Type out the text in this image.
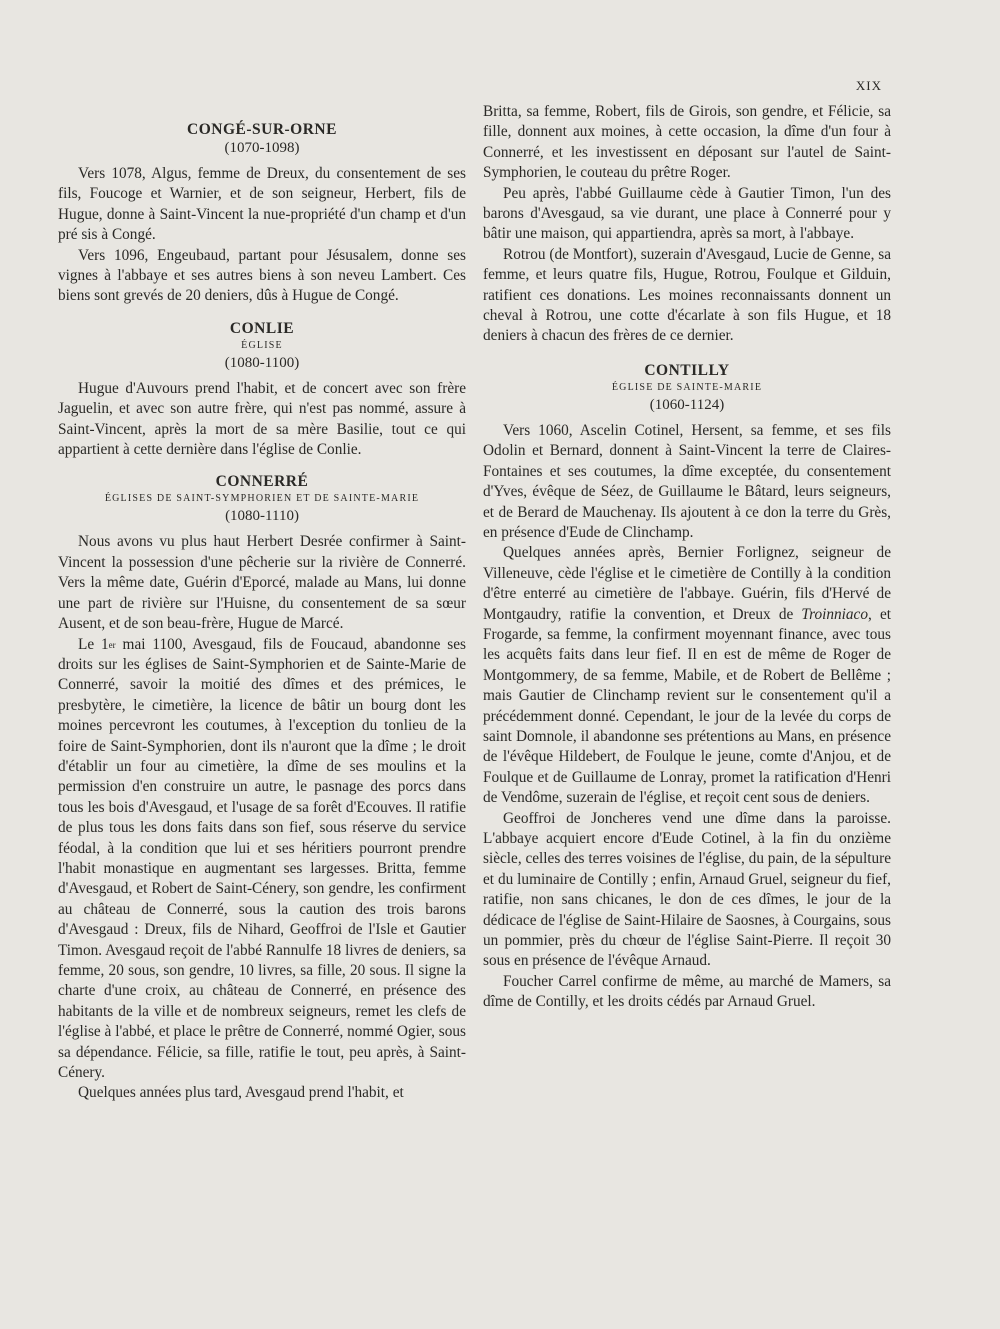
XIX
CONGÉ-SUR-ORNE
(1070-1098)

Vers 1078, Algus, femme de Dreux, du consentement de ses fils, Foucoge et Warnier, et de son seigneur, Herbert, fils de Hugue, donne à Saint-Vincent la nue-propriété d'un champ et d'un pré sis à Congé.

Vers 1096, Engeubaud, partant pour Jésusalem, donne ses vignes à l'abbaye et ses autres biens à son neveu Lambert. Ces biens sont grevés de 20 deniers, dûs à Hugue de Congé.

CONLIE
ÉGLISE
(1080-1100)

Hugue d'Auvours prend l'habit, et de concert avec son frère Jaguelin, et avec son autre frère, qui n'est pas nommé, assure à Saint-Vincent, après la mort de sa mère Basilie, tout ce qui appartient à cette dernière dans l'église de Conlie.

CONNERRÉ
ÉGLISES DE SAINT-SYMPHORIEN ET DE SAINTE-MARIE
(1080-1110)

Nous avons vu plus haut Herbert Desrée confirmer à Saint-Vincent la possession d'une pêcherie sur la rivière de Connerré. Vers la même date, Guérin d'Eporcé, malade au Mans, lui donne une part de rivière sur l'Huisne, du consentement de sa sœur Ausent, et de son beau-frère, Hugue de Marcé.

Le 1er mai 1100, Avesgaud, fils de Foucaud, abandonne ses droits sur les églises de Saint-Symphorien et de Sainte-Marie de Connerré, savoir la moitié des dîmes et des prémices, le presbytère, le cimetière, la licence de bâtir un bourg dont les moines percevront les coutumes, à l'exception du tonlieu de la foire de Saint-Symphorien, dont ils n'auront que la dîme ; le droit d'établir un four au cimetière, la dîme de ses moulins et la permission d'en construire un autre, le pasnage des porcs dans tous les bois d'Avesgaud, et l'usage de sa forêt d'Ecouves. Il ratifie de plus tous les dons faits dans son fief, sous réserve du service féodal, à la condition que lui et ses héritiers pourront prendre l'habit monastique en augmentant ses largesses. Britta, femme d'Avesgaud, et Robert de Saint-Cénery, son gendre, les confirment au château de Connerré, sous la caution des trois barons d'Avesgaud : Dreux, fils de Nihard, Geoffroi de l'Isle et Gautier Timon. Avesgaud reçoit de l'abbé Rannulfe 18 livres de deniers, sa femme, 20 sous, son gendre, 10 livres, sa fille, 20 sous. Il signe la charte d'une croix, au château de Connerré, en présence des habitants de la ville et de nombreux seigneurs, remet les clefs de l'église à l'abbé, et place le prêtre de Connerré, nommé Ogier, sous sa dépendance. Félicie, sa fille, ratifie le tout, peu après, à Saint-Cénery.

Quelques années plus tard, Avesgaud prend l'habit, et

Britta, sa femme, Robert, fils de Girois, son gendre, et Félicie, sa fille, donnent aux moines, à cette occasion, la dîme d'un four à Connerré, et les investissent en déposant sur l'autel de Saint-Symphorien, le couteau du prêtre Roger.

Peu après, l'abbé Guillaume cède à Gautier Timon, l'un des barons d'Avesgaud, sa vie durant, une place à Connerré pour y bâtir une maison, qui appartiendra, après sa mort, à l'abbaye.

Rotrou (de Montfort), suzerain d'Avesgaud, Lucie de Genne, sa femme, et leurs quatre fils, Hugue, Rotrou, Foulque et Gilduin, ratifient ces donations. Les moines reconnaissants donnent un cheval à Rotrou, une cotte d'écarlate à son fils Hugue, et 18 deniers à chacun des frères de ce dernier.

CONTILLY
ÉGLISE DE SAINTE-MARIE
(1060-1124)

Vers 1060, Ascelin Cotinel, Hersent, sa femme, et ses fils Odolin et Bernard, donnent à Saint-Vincent la terre de Claires-Fontaines et ses coutumes, la dîme exceptée, du consentement d'Yves, évêque de Séez, de Guillaume le Bâtard, leurs seigneurs, et de Berard de Mauchenay. Ils ajoutent à ce don la terre du Grès, en présence d'Eude de Clinchamp.

Quelques années après, Bernier Forlignez, seigneur de Villeneuve, cède l'église et le cimetière de Contilly à la condition d'être enterré au cimetière de l'abbaye. Guérin, fils d'Hervé de Montgaudry, ratifie la convention, et Dreux de Troinniaco, et Frogarde, sa femme, la confirment moyennant finance, avec tous les acquêts faits dans leur fief. Il en est de même de Roger de Montgommery, de sa femme, Mabile, et de Robert de Bellême ; mais Gautier de Clinchamp revient sur le consentement qu'il a précédemment donné. Cependant, le jour de la levée du corps de saint Domnole, il abandonne ses prétentions au Mans, en présence de l'évêque Hildebert, de Foulque le jeune, comte d'Anjou, et de Foulque et de Guillaume de Lonray, promet la ratification d'Henri de Vendôme, suzerain de l'église, et reçoit cent sous de deniers.

Geoffroi de Joncheres vend une dîme dans la paroisse. L'abbaye acquiert encore d'Eude Cotinel, à la fin du onzième siècle, celles des terres voisines de l'église, du pain, de la sépulture et du luminaire de Contilly ; enfin, Arnaud Gruel, seigneur du fief, ratifie, non sans chicanes, le don de ces dîmes, le jour de la dédicace de l'église de Saint-Hilaire de Saosnes, à Courgains, sous un pommier, près du chœur de l'église Saint-Pierre. Il reçoit 30 sous en présence de l'évêque Arnaud.

Foucher Carrel confirme de même, au marché de Mamers, sa dîme de Contilly, et les droits cédés par Arnaud Gruel.
